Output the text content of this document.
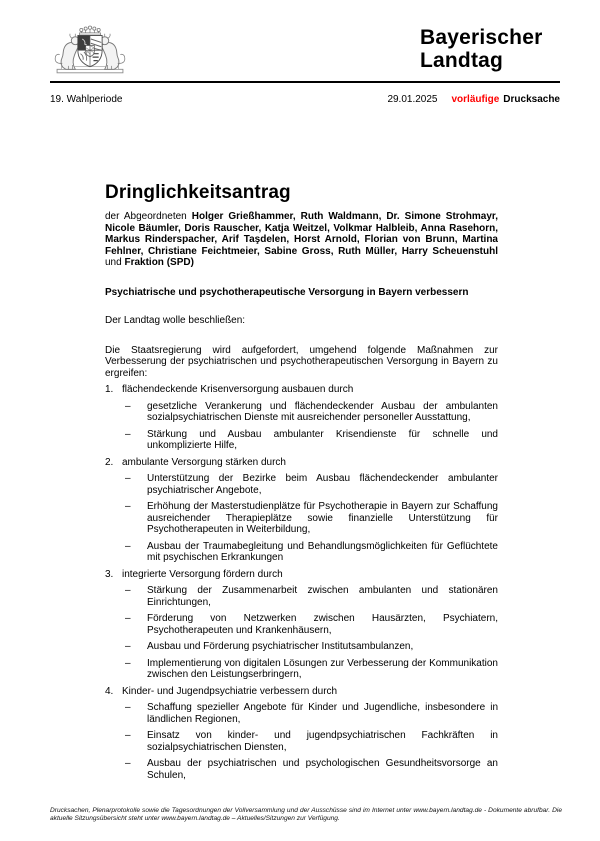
Bayerischer
Landtag
19. Wahlperiode	29.01.2025 vorläufige Drucksache
Dringlichkeitsantrag

der Abgeordneten Holger Grießhammer, Ruth Waldmann, Dr. Simone Strohmayr, Nicole Bäumler, Doris Rauscher, Katja Weitzel, Volkmar Halbleib, Anna Rasehorn, Markus Rinderspacher, Arif Taşdelen, Horst Arnold, Florian von Brunn, Martina Fehlner, Christiane Feichtmeier, Sabine Gross, Ruth Müller, Harry Scheuenstuhl und Fraktion (SPD)

Psychiatrische und psychotherapeutische Versorgung in Bayern verbessern

Der Landtag wolle beschließen:

Die Staatsregierung wird aufgefordert, umgehend folgende Maßnahmen zur Verbesserung der psychiatrischen und psychotherapeutischen Versorgung in Bayern zu ergreifen:

1. flächendeckende Krisenversorgung ausbauen durch
–	gesetzliche Verankerung und flächendeckender Ausbau der ambulanten sozialpsychiatrischen Dienste mit ausreichender personeller Ausstattung,
–	Stärkung und Ausbau ambulanter Krisendienste für schnelle und unkomplizierte Hilfe,
2. ambulante Versorgung stärken durch
–	Unterstützung der Bezirke beim Ausbau flächendeckender ambulanter psychiatrischer Angebote,
–	Erhöhung der Masterstudienplätze für Psychotherapie in Bayern zur Schaffung ausreichender Therapieplätze sowie finanzielle Unterstützung für Psychotherapeuten in Weiterbildung,
–	Ausbau der Traumabegleitung und Behandlungsmöglichkeiten für Geflüchtete mit psychischen Erkrankungen
3. integrierte Versorgung fördern durch
–	Stärkung der Zusammenarbeit zwischen ambulanten und stationären Einrichtungen,
–	Förderung von Netzwerken zwischen Hausärzten, Psychiatern, Psychotherapeuten und Krankenhäusern,
–	Ausbau und Förderung psychiatrischer Institutsambulanzen,
–	Implementierung von digitalen Lösungen zur Verbesserung der Kommunikation zwischen den Leistungserbringern,
4. Kinder- und Jugendpsychiatrie verbessern durch
–	Schaffung spezieller Angebote für Kinder und Jugendliche, insbesondere in ländlichen Regionen,
–	Einsatz von kinder- und jugendpsychiatrischen Fachkräften in sozialpsychiatrischen Diensten,
–	Ausbau der psychiatrischen und psychologischen Gesundheitsvorsorge an Schulen,
Drucksachen, Plenarprotokolle sowie die Tagesordnungen der Vollversammlung und der Ausschüsse sind im Internet unter www.bayern.landtag.de - Dokumente abrufbar. Die aktuelle Sitzungsübersicht steht unter www.bayern.landtag.de – Aktuelles/Sitzungen zur Verfügung.
